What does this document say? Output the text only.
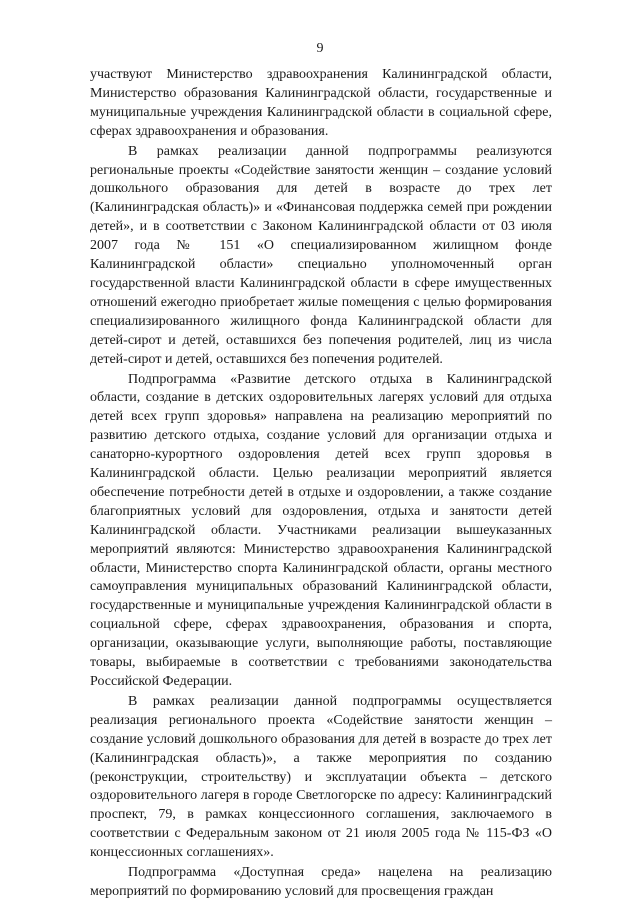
9

участвуют Министерство здравоохранения Калининградской области, Министерство образования Калининградской области, государственные и муниципальные учреждения Калининградской области в социальной сфере, сферах здравоохранения и образования.

В рамках реализации данной подпрограммы реализуются региональные проекты «Содействие занятости женщин – создание условий дошкольного образования для детей в возрасте до трех лет (Калининградская область)» и «Финансовая поддержка семей при рождении детей», и в соответствии с Законом Калининградской области от 03 июля 2007 года № 151 «О специализированном жилищном фонде Калининградской области» специально уполномоченный орган государственной власти Калининградской области в сфере имущественных отношений ежегодно приобретает жилые помещения с целью формирования специализированного жилищного фонда Калининградской области для детей-сирот и детей, оставшихся без попечения родителей, лиц из числа детей-сирот и детей, оставшихся без попечения родителей.

Подпрограмма «Развитие детского отдыха в Калининградской области, создание в детских оздоровительных лагерях условий для отдыха детей всех групп здоровья» направлена на реализацию мероприятий по развитию детского отдыха, создание условий для организации отдыха и санаторно-курортного оздоровления детей всех групп здоровья в Калининградской области. Целью реализации мероприятий является обеспечение потребности детей в отдыхе и оздоровлении, а также создание благоприятных условий для оздоровления, отдыха и занятости детей Калининградской области. Участниками реализации вышеуказанных мероприятий являются: Министерство здравоохранения Калининградской области, Министерство спорта Калининградской области, органы местного самоуправления муниципальных образований Калининградской области, государственные и муниципальные учреждения Калининградской области в социальной сфере, сферах здравоохранения, образования и спорта, организации, оказывающие услуги, выполняющие работы, поставляющие товары, выбираемые в соответствии с требованиями законодательства Российской Федерации.

В рамках реализации данной подпрограммы осуществляется реализация регионального проекта «Содействие занятости женщин – создание условий дошкольного образования для детей в возрасте до трех лет (Калининградская область)», а также мероприятия по созданию (реконструкции, строительству) и эксплуатации объекта – детского оздоровительного лагеря в городе Светлогорске по адресу: Калининградский проспект, 79, в рамках концессионного соглашения, заключаемого в соответствии с Федеральным законом от 21 июля 2005 года № 115-ФЗ «О концессионных соглашениях».

Подпрограмма «Доступная среда» нацелена на реализацию мероприятий по формированию условий для просвещения граждан
